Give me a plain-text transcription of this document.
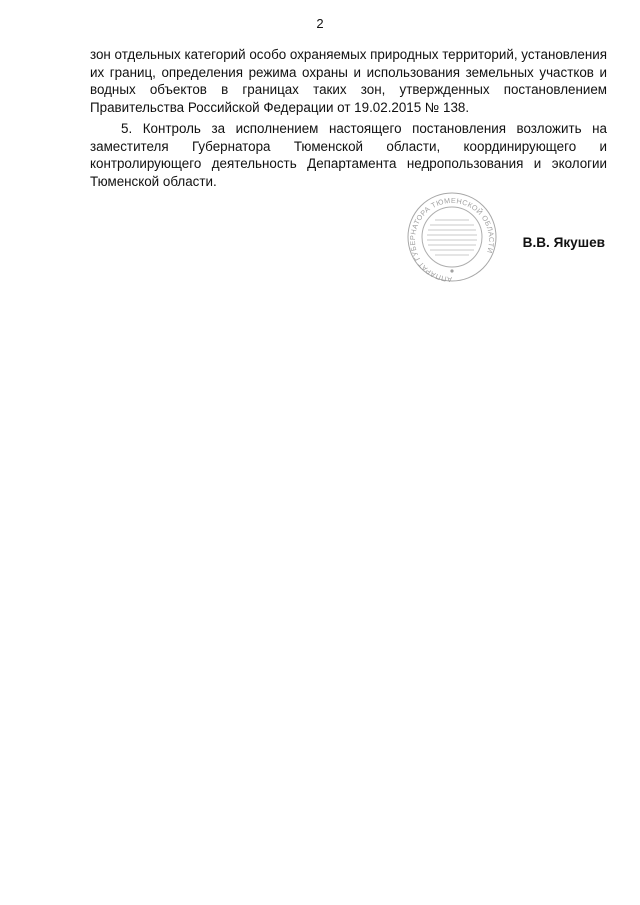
2

зон отдельных категорий особо охраняемых природных территорий, установления их границ, определения режима охраны и использования земельных участков и водных объектов в границах таких зон, утвержденных постановлением Правительства Российской Федерации от 19.02.2015 № 138.

5. Контроль за исполнением настоящего постановления возложить на заместителя Губернатора Тюменской области, координирующего и контролирующего деятельность Департамента недропользования и экологии Тюменской области.

АППАРАТ ГУБЕРНАТОРА ТЮМЕНСКОЙ ОБЛАСТИ
В.В. Якушев
